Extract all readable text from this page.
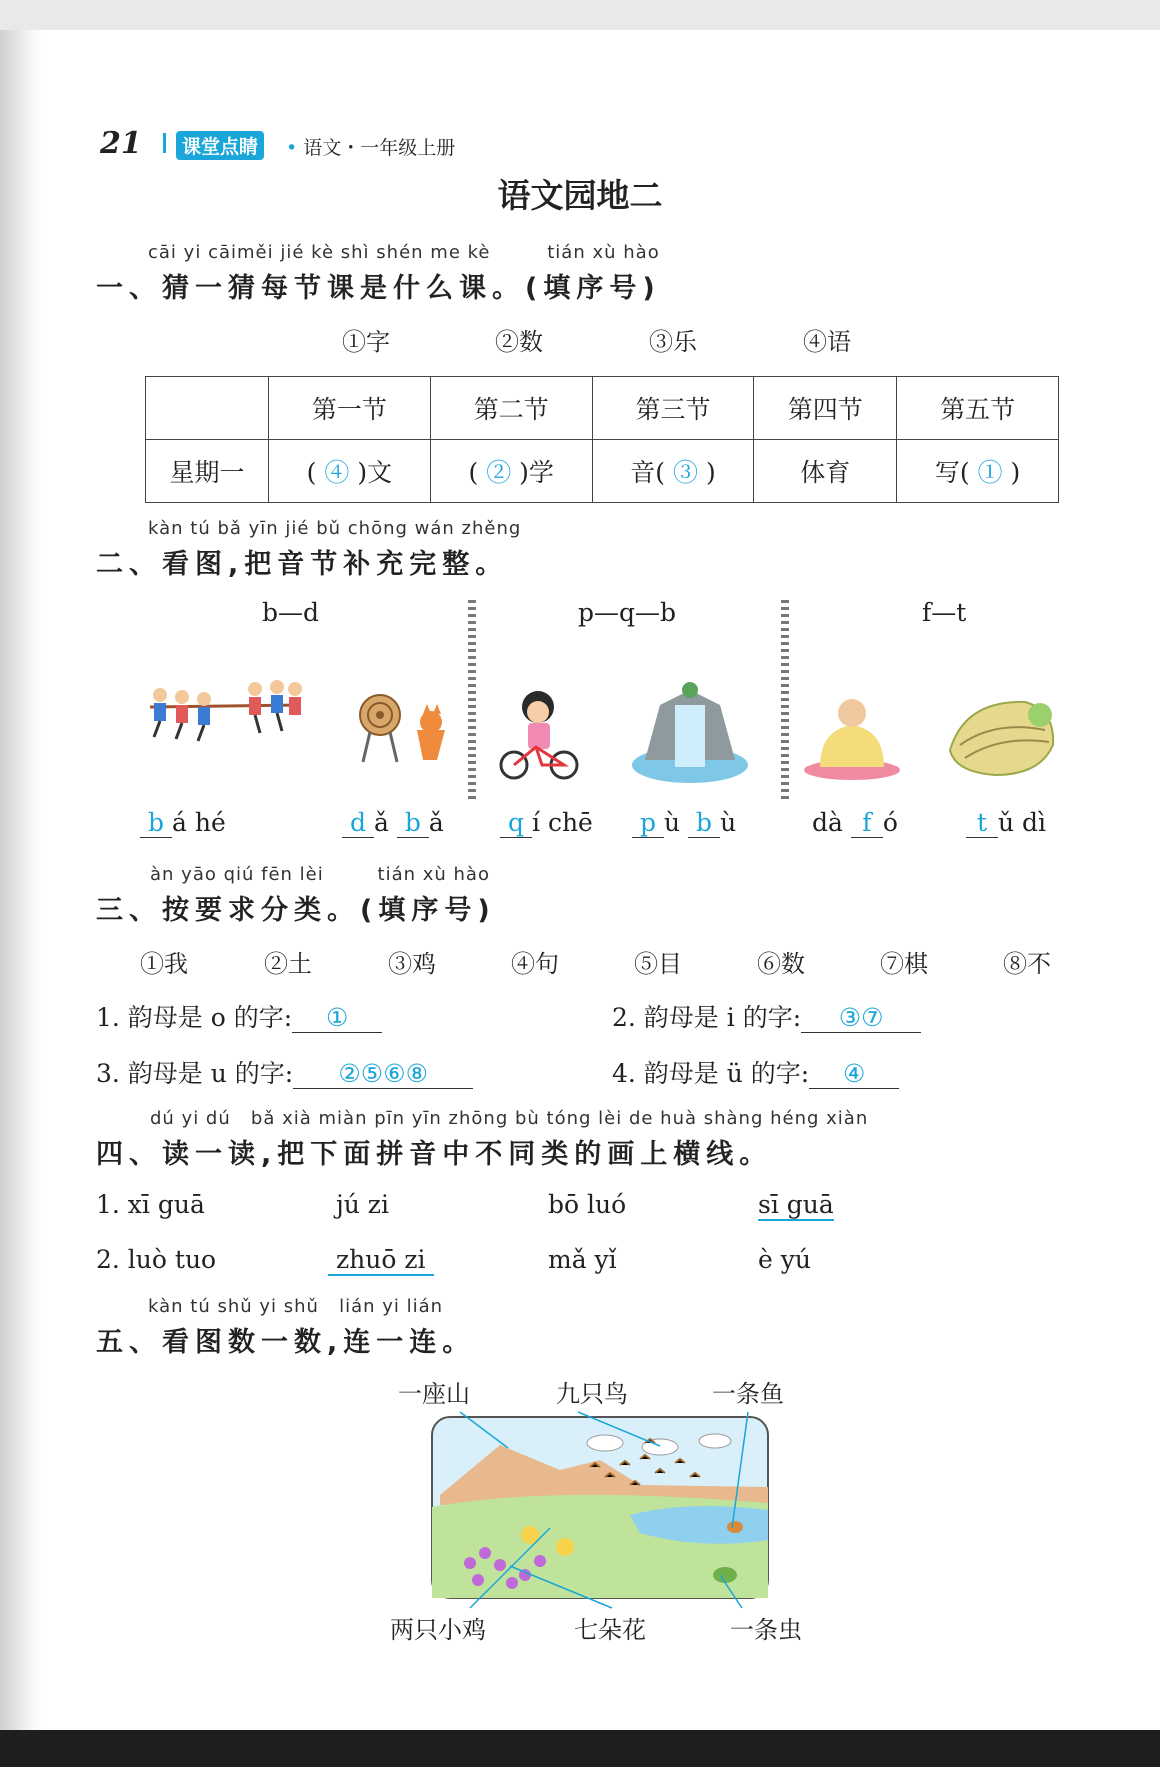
21	课堂点睛	• 语文・一年级上册
语文园地二
cāi yi cāiměi jié kè shì shén me kè	tián xù hào
一、猜一猜每节课是什么课。(填序号)
①字	②数	③乐	④语
	第一节	第二节	第三节	第四节	第五节
星期一	( ④ )文	( ② )学	音( ③ )	体育	写( ① )
kàn tú bǎ yīn jié bǔ chōng wán zhěng
二、看图,把音节补充完整。
b—d	p—q—b	f—t
b á hé	d ǎ b ǎ	q í chē	p ù b ù	dà f ó	t ǔ dì
àn yāo qiú fēn lèi        tián xù hào
三、按要求分类。(填序号)
①我	②土	③鸡	④句	⑤目	⑥数	⑦棋	⑧不
1. 韵母是 o 的字: ①	2. 韵母是 i 的字: ③⑦
3. 韵母是 u 的字: ②⑤⑥⑧	4. 韵母是 ü 的字: ④
dú yi dú   bǎ xià miàn pīn yīn zhōng bù tóng lèi de huà shàng héng xiàn
四、读一读,把下面拼音中不同类的画上横线。
1. xī guā	jú zi	bō luó	sī guā
2. luò tuo	zhuō zi	mǎ yǐ	è yú
kàn tú shǔ yi shǔ   lián yi lián
五、看图数一数,连一连。
一座山	九只鸟	一条鱼
两只小鸡	七朵花	一条虫
